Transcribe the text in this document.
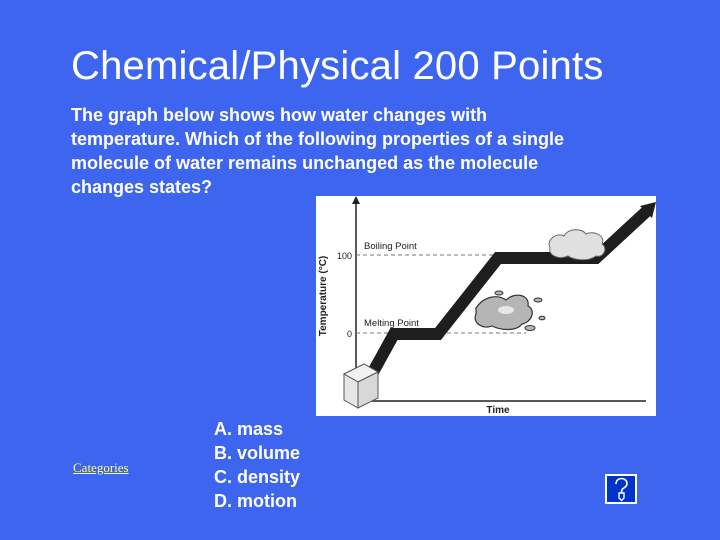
Chemical/Physical 200 Points
The graph below shows how water changes with
temperature. Which of the following properties of a single
molecule of water remains unchanged as the molecule
changes states?
100
0
Temperature (°C)
Time
Boiling Point
Melting Point
Categories
A. mass
B. volume
C. density
D. motion
